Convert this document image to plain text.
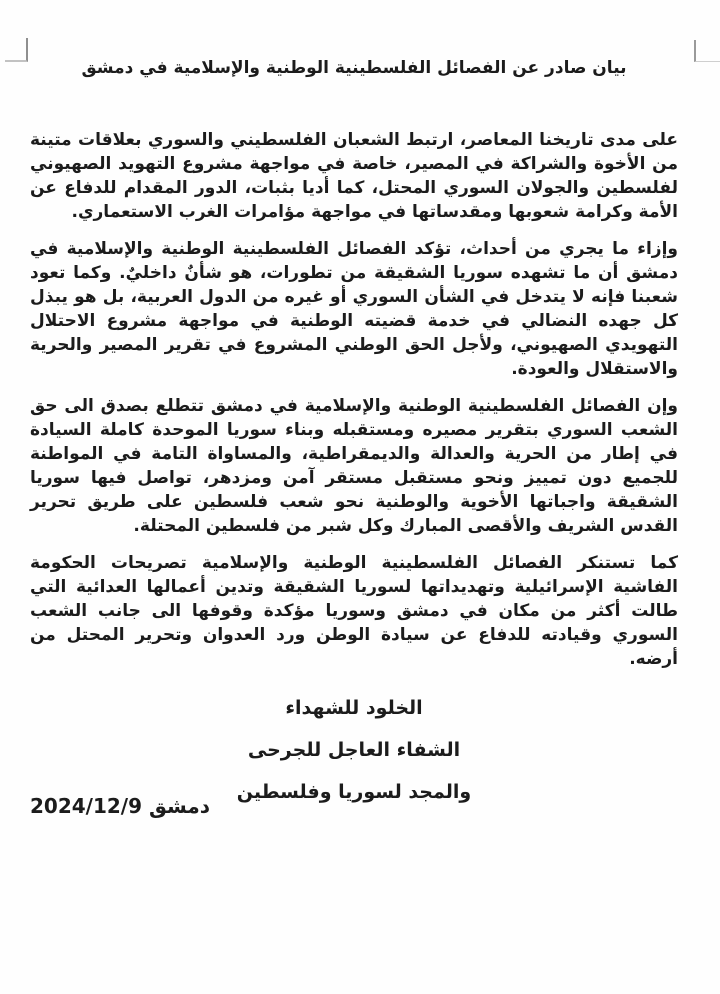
بيان صادر عن الفصائل الفلسطينية الوطنية والإسلامية في دمشق

على مدى تاريخنا المعاصر، ارتبط الشعبان الفلسطيني والسوري بعلاقات متينة من الأخوة والشراكة في المصير، خاصة في مواجهة مشروع التهويد الصهيوني لفلسطين والجولان السوري المحتل، كما أديا بثبات، الدور المقدام للدفاع عن الأمة وكرامة شعوبها ومقدساتها في مواجهة مؤامرات الغرب الاستعماري.

وإزاء ما يجري من أحداث، تؤكد الفصائل الفلسطينية الوطنية والإسلامية في دمشق أن ما تشهده سوريا الشقيقة من تطورات، هو شأنٌ داخليٌ. وكما تعود شعبنا فإنه لا يتدخل في الشأن السوري أو غيره من الدول العربية، بل هو يبذل كل جهده النضالي في خدمة قضيته الوطنية في مواجهة مشروع الاحتلال التهويدي الصهيوني، ولأجل الحق الوطني المشروع في تقرير المصير والحرية والاستقلال والعودة.

وإن الفصائل الفلسطينية الوطنية والإسلامية في دمشق تتطلع بصدق الى حق الشعب السوري بتقرير مصيره ومستقبله وبناء سوريا الموحدة كاملة السيادة في إطار من الحرية والعدالة والديمقراطية، والمساواة التامة في المواطنة للجميع دون تمييز ونحو مستقبل مستقر آمن ومزدهر، تواصل فيها سوريا الشقيقة واجباتها الأخوية والوطنية نحو شعب فلسطين على طريق تحرير القدس الشريف والأقصى المبارك وكل شبر من فلسطين المحتلة.

كما تستنكر الفصائل الفلسطينية الوطنية والإسلامية تصريحات الحكومة الفاشية الإسرائيلية وتهديداتها لسوريا الشقيقة وتدين أعمالها العدائية التي طالت أكثر من مكان في دمشق وسوريا مؤكدة وقوفها الى جانب الشعب السوري وقيادته للدفاع عن سيادة الوطن ورد العدوان وتحرير المحتل من أرضه.

الخلود للشهداء

الشفاء العاجل للجرحى

والمجد لسوريا وفلسطين

دمشق 2024/12/9
